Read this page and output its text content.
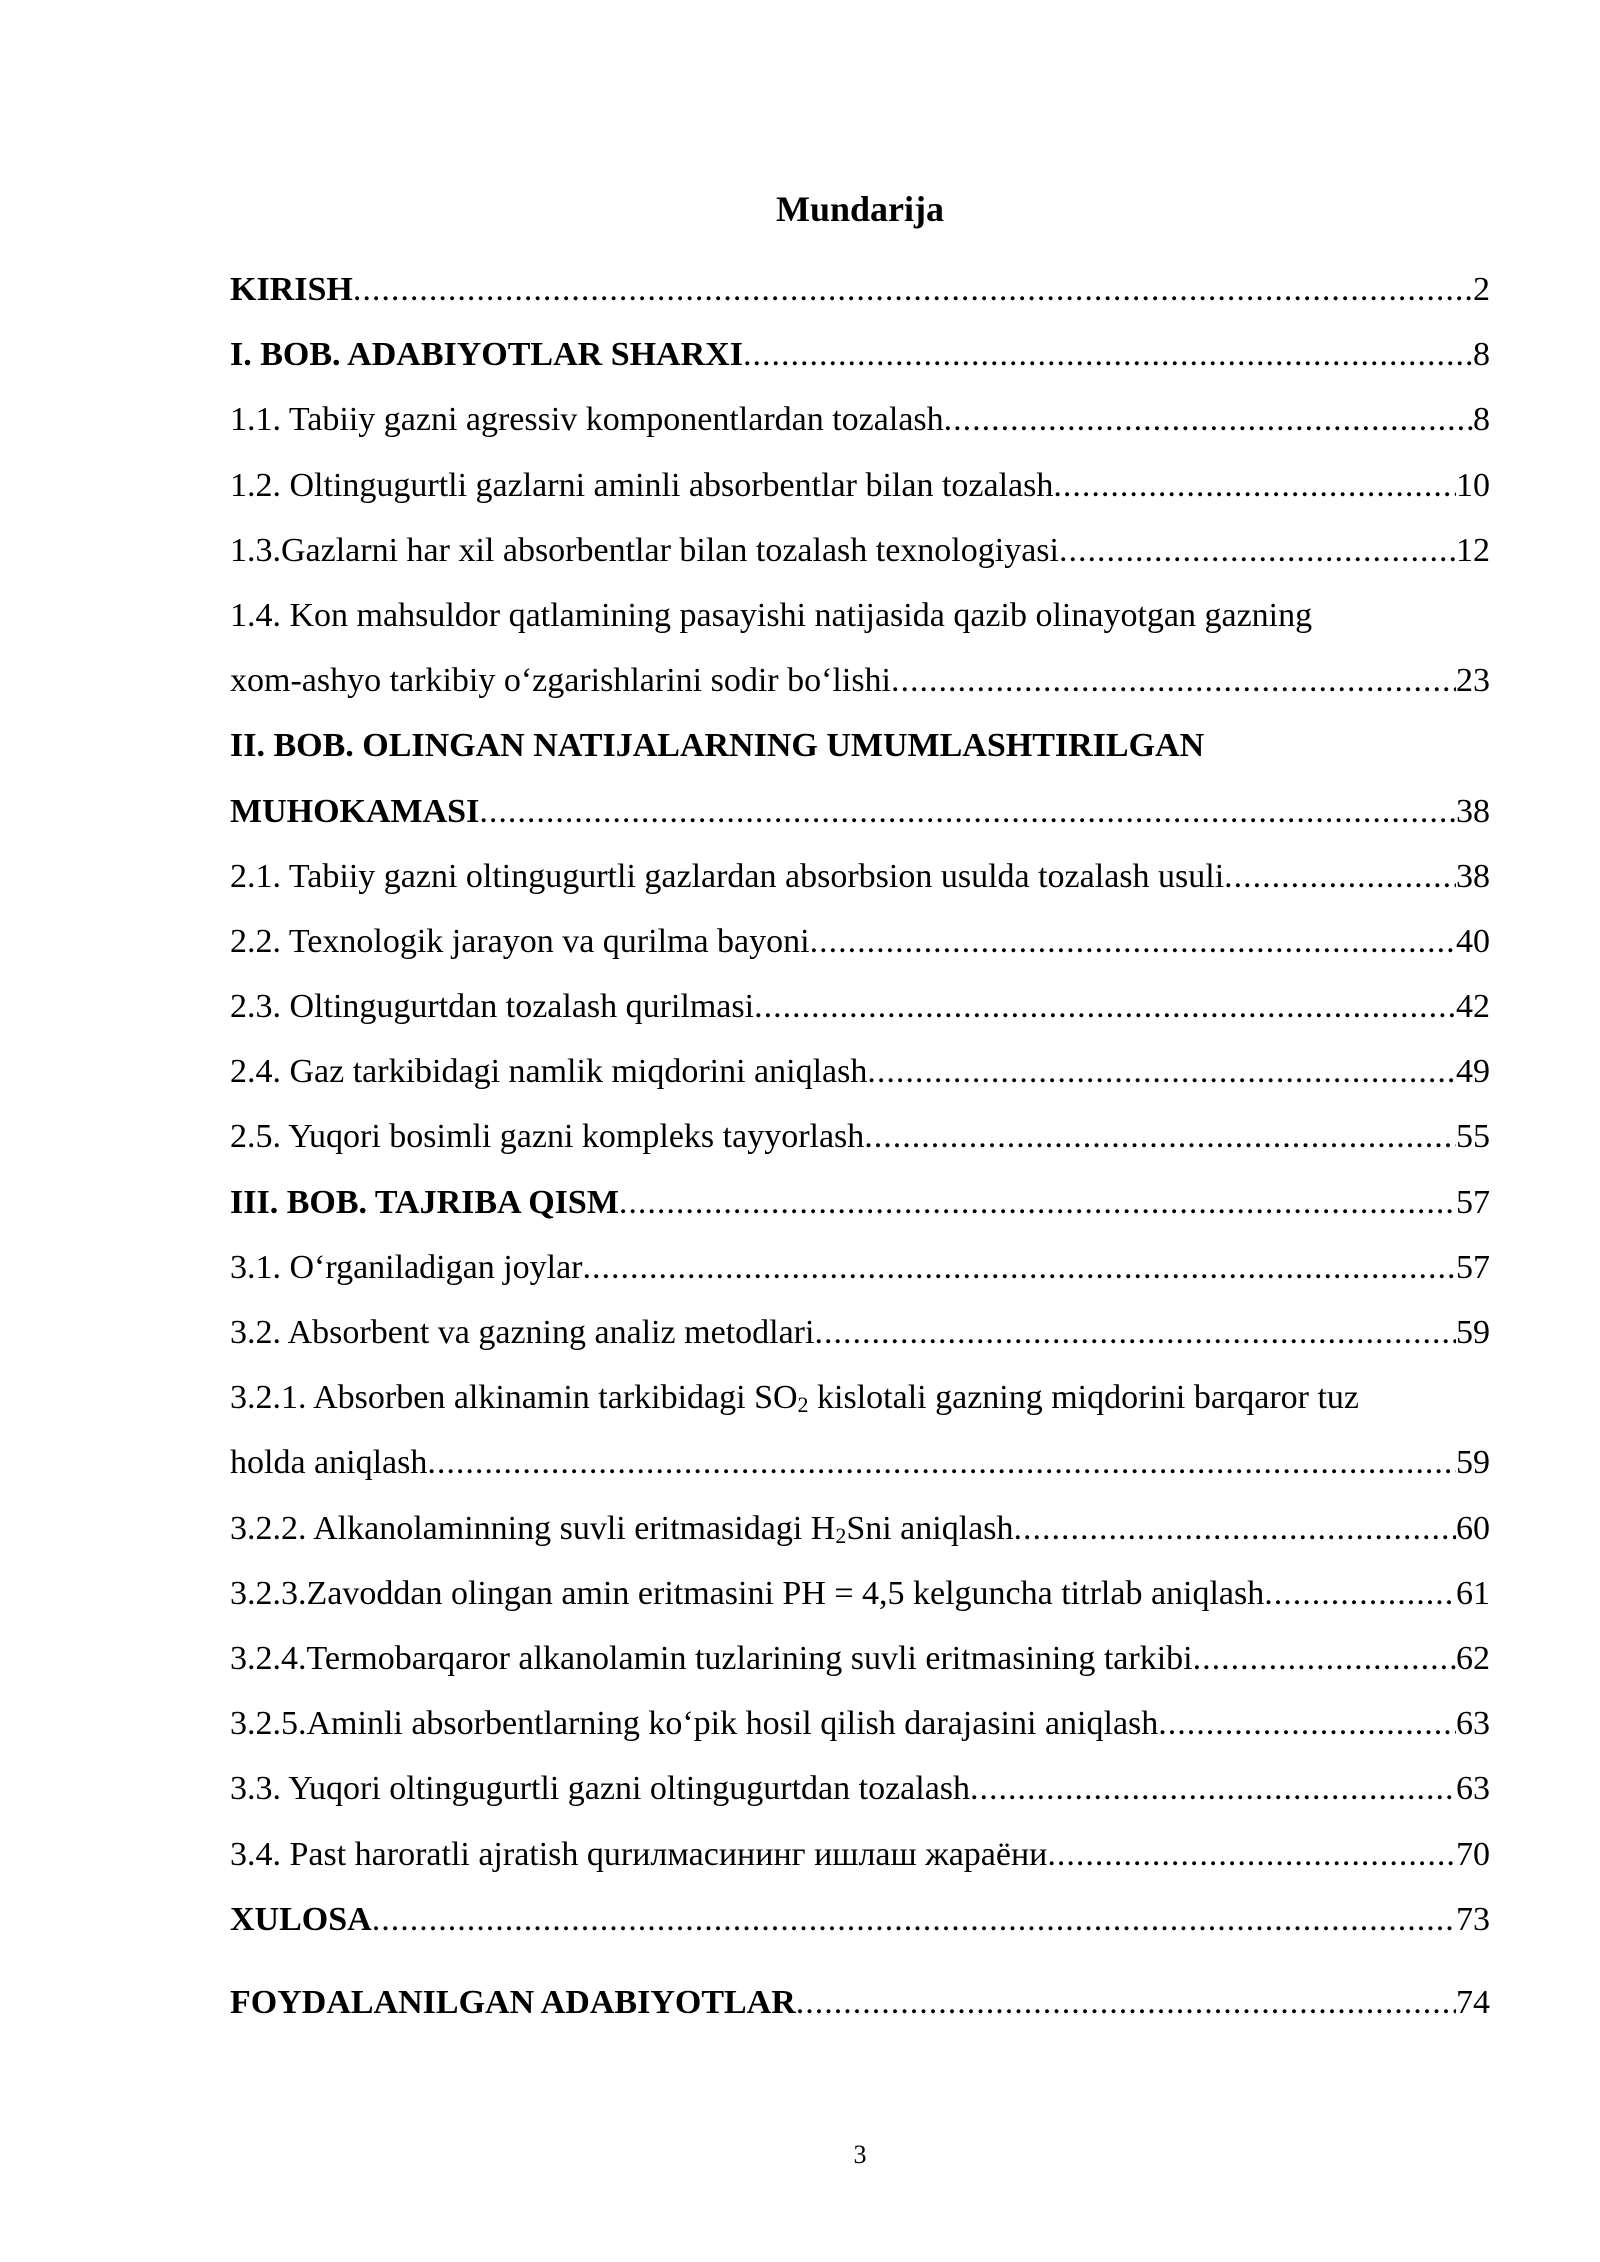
Mundarija
KIRISH .....	2
I. BOB. ADABIYOTLAR SHARXI .....	8
1.1. Tabiiy gazni agressiv komponentlardan tozalash .....	8
1.2. Oltingugurtli gazlarni aminli absorbentlar bilan tozalash .....	10
1.3.Gazlarni har xil absorbentlar bilan tozalash texnologiyasi .....	12
1.4. Kon mahsuldor qatlamining pasayishi natijasida qazib olinayotgan gazning
xom-ashyo tarkibiy o‘zgarishlarini sodir bo‘lishi .....	23
II. BOB. OLINGAN NATIJALARNING UMUMLASHTIRILGAN
MUHOKAMASI .....	38
2.1. Tabiiy gazni oltingugurtli gazlardan absorbsion usulda tozalash usuli .....	38
2.2. Texnologik jarayon va qurilma bayoni .....	40
2.3. Oltingugurtdan tozalash qurilmasi .....	42
2.4. Gaz tarkibidagi namlik miqdorini aniqlash .....	49
2.5. Yuqori bosimli gazni kompleks tayyorlash .....	55
III. BOB. TAJRIBA QISM .....	57
3.1. O‘rganiladigan joylar .....	57
3.2. Absorbent va gazning analiz metodlari .....	59
3.2.1. Absorben alkinamin tarkibidagi SO2 kislotali gazning miqdorini barqaror tuz
holda aniqlash .....	59
3.2.2. Alkanolaminning suvli eritmasidagi H2Sni aniqlash .....	60
3.2.3.Zavoddan olingan amin eritmasini PH = 4,5 kelguncha titrlab aniqlash .....	61
3.2.4.Termobarqaror alkanolamin tuzlarining suvli eritmasining tarkibi .....	62
3.2.5.Aminli absorbentlarning ko‘pik hosil qilish darajasini aniqlash .....	63
3.3. Yuqori oltingugurtli gazni oltingugurtdan tozalash .....	63
3.4. Past haroratli ajratish qurилмасининг ишлаш жараёни .....	70
XULOSA .....	73
FOYDALANILGAN ADABIYOTLAR .....	74
3
